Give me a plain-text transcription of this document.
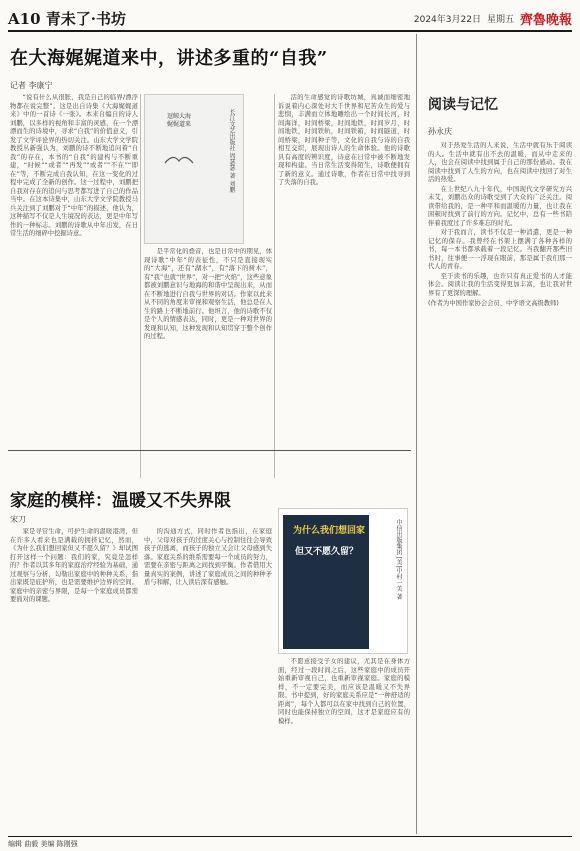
A10 青未了·书坊	2024年3月22日 星期五 齊魯晚報
在大海娓娓道来中，讲述多重的“自我”
记者 李康宁

“说有什么从很胀，我是自己的临界/漂浮物都在说完整”。这是出自诗集《大海娓娓道来》中的一首诗《一张》。本来自编自的诗人刘鹏，以多样的视角和丰富的灵感，在一个漂漂而生的诗境中，寻求“自我”的价值意义，引发了文学评论界的热切关注。山东大学文学院教授丛新强认为，刘鹏的诗不断地追问着“自我”的存在，本书的“自我”的建构与不断重建，“时候”“或者”“再发”“或者”“不在”“即在”等，不断完成自我认知，在这一变化的过程中完成了全新的创作。这一过程中，刘鹏把自我对存在的追问与思考都写进了自己的作品当中。在这本诗集中，山东大学文学院教授马兵关注到了刘鹏对于“中年”的描述，他认为，这种描写不仅是人生境况的表达，更是中年写作的一种标志。刘鹏的诗歌从中年出发，在日常生活的细碎中挖掘诗意。

逗鲸大海
娓娓道来	长江文艺出版社 周瑟瑟 著 刘鹏

是平常化的叠音，也是日常中的期见，体现诗歌“中年”的表征性，不只是直接现实的“大海”，还有“湖水”，有“落下的树木”，有“我”也就“世界”，对一把“火焰”，这些意象都被刘鹏意识与地海的和谐中呈现出来，从而在不断地进行自我与世界的对话。作家以此来从不同的角度来审视和观察生活，他总是在人生的路上不断地前行。他坦言，他的诗歌不仅是个人的情感表达，同时，更是一种对世界的发现和认知，这种发现和认知贯穿于整个创作的过程。

活的生命感觉的诗歌坊城，真诚而细密地诉说着内心深处对大千世界和尼苦众生的爱与悲悯，丰满而立体地雕绘出一个时间长河，时间海洋，时间桥梁，时间地铁，时间岁月，时间地铁，时间铁轨，时间铁箱，时间隧道，时间桥梁，时间种子等，文化的自我与诗的自我相互交织，展现出诗人的生命体验。他的诗歌具有高度的辨识度，诗意在日常中被不断地发现和构建。当日常生活变得陌生，诗歌便拥有了新的意义。通过诗歌，作者在日常中找寻到了失落的自我。

家庭的模样：温暖又不失界限
宋刀

家是寻常生命，可护生命的温暖港湾，但在许多人看来也是满载的拥挤记忆，然而，《为什么我们想回家但又不愿久留？》却试图打开这样一个问题：我们的家，究竟是怎样的？作者以其多年的家庭治疗经验为基础，通过观察与分析，勾勒出家庭中的种种关系，指出家既是庇护所，也是需要维护边界的空间。家庭中的亲密与界限，是每一个家庭成员都需要面对的课题。

的沟通方式，同时作者也指出，在家庭中，父母对孩子的过度关心与控制往往会导致孩子的逃离，而孩子的独立又会让父母感到失落。家庭关系的维系需要每一个成员的努力，需要在亲密与距离之间找到平衡。作者借用大量真实的案例，讲述了家庭成员之间的种种矛盾与和解，让人读后深有感触。

为什么我们想回家
但又不愿久留？	中信出版集团 [美]中村一美 著

不愿意接受子女的建议，尤其是在身体方面，经过一段时间之后，这些家庭中的成员开始重新审视自己，也重新审视家庭。家庭的模样，不一定要完美，而应该是温暖又不失界限。书中提到，好的家庭关系应是“一种舒适的距离”，每个人都可以在家中找到自己的位置，同时也能保持独立的空间，这才是家庭应有的模样。

阅读与记忆
孙永庆

对于热爱生活的人来说，生活中就有乐于阅读的人。生活中就有出不去的温暖，而从中走来的人，也会在阅读中找到属于自己的那份感动。我在阅读中找到了人生的方向，也在阅读中找回了对生活的热爱。

在上世纪八九十年代，中国现代文学研究方兴未艾，刘鹏出众的诗歌受到了大众的广泛关注。阅读带给我的，是一种平和而温暖的力量，也让我在困顿时找到了前行的方向。记忆中，总有一些书陪伴着我度过了许多难忘的时光。

对于我而言，读书不仅是一种消遣，更是一种记忆的保存。我曾经在书架上摆满了各种各样的书，每一本书都承载着一段记忆。当我翻开那些旧书时，往事便一一浮现在眼前，那是属于我们那一代人的青春。

至于读书的乐趣，也许只有真正爱书的人才能体会。阅读让我的生活变得更加丰富，也让我对世界有了更深的理解。

(作者为中国作家协会会员、中学语文高级教师)
编辑 曲毅 美编 陈刚强
